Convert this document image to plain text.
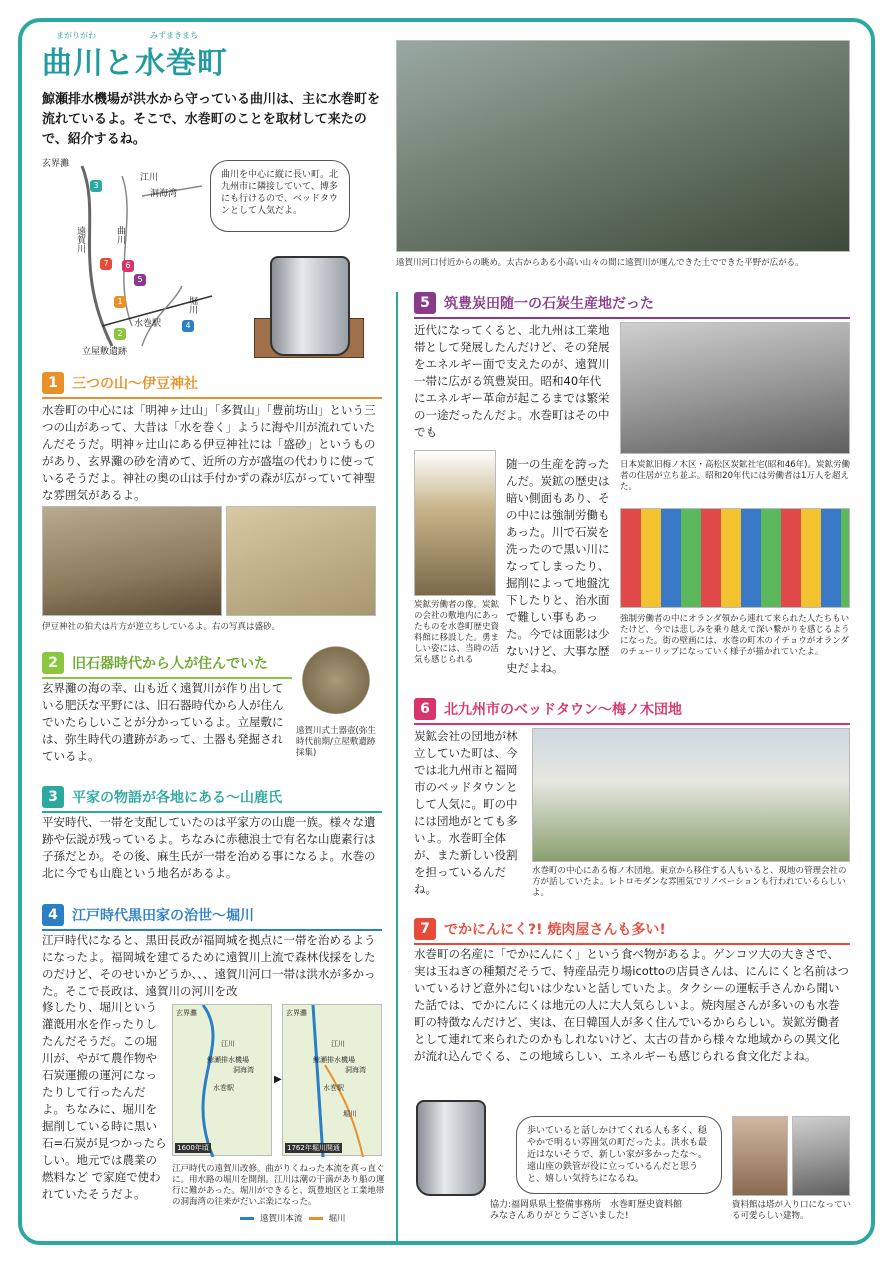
まがりがわ	みずまきまち
曲川と水巻町

鯨瀬排水機場が洪水から守っている曲川は、主に水巻町を流れているよ。そこで、水巻町のことを取材して来たので、紹介するね。

玄界灘
江川
洞海湾
遠賀川	曲川
堀川
水巻駅
立屋敷遺跡
3
7	6
5
1
2
4
曲川を中心に縦に長い町。北九州市に隣接していて、博多にも行けるので、ベッドタウンとして人気だよ。

遠賀川河口付近からの眺め。太古からある小高い山々の間に遠賀川が運んできた土でできた平野が広がる。

1	三つの山〜伊豆神社

水巻町の中心には「明神ヶ辻山」「多賀山」「豊前坊山」という三つの山があって、大昔は「水を巻く」ように海や川が流れていたんだそうだ。明神ヶ辻山にある伊豆神社には「盛砂」というものがあり、玄界灘の砂を清めて、近所の方が盛塩の代わりに使っているそうだよ。神社の奥の山は手付かずの森が広がっていて神聖な雰囲気があるよ。

伊豆神社の狛犬は片方が逆立ちしているよ。右の写真は盛砂。

2	旧石器時代から人が住んでいた

玄界灘の海の幸、山も近く遠賀川が作り出している肥沃な平野には、旧石器時代から人が住んでいたらしいことが分かっているよ。立屋敷には、弥生時代の遺跡があって、土器も発掘されているよ。

遠賀川式土器壺(弥生時代前期/立屋敷遺跡採集)

3	平家の物語が各地にある〜山鹿氏

平安時代、一帯を支配していたのは平家方の山鹿一族。様々な遺跡や伝説が残っているよ。ちなみに赤穂浪士で有名な山鹿素行は子孫だとか。その後、麻生氏が一帯を治める事になるよ。水巻の北に今でも山鹿という地名があるよ。

4	江戸時代黒田家の治世〜堀川

江戸時代になると、黒田長政が福岡城を拠点に一帯を治めるようになったよ。福岡城を建てるために遠賀川上流で森林伐採をしたのだけど、そのせいかどうか、、、遠賀川河口一帯は洪水が多かった。そこで長政は、遠賀川の河川を改

修したり、堀川という灌漑用水を作ったりしたんだそうだ。この堀川が、やがて農作物や石炭運搬の運河になったりして行ったんだよ。ちなみに、堀川を掘削している時に黒い石=石炭が見つかったらしい。地元では農業の燃料など で家庭で使われていたそうだよ。

玄界灘
江川
鯨瀬排水機場
洞海湾
水巻駅
1600年頃
▶
玄界灘
江川
鯨瀬排水機場
洞海湾
水巻駅
堀川
1762年堀川開通

江戸時代の遠賀川改修。曲がりくねった本流を真っ直ぐに。用水路の堀川を開削。江川は潮の干満があり船の運行に難があった。堀川ができると、筑豊地区と工業地帯の洞海湾の往来がだいぶ楽になった。

遠賀川本流	堀川
5	筑豊炭田随一の石炭生産地だった

近代になってくると、北九州は工業地帯として発展したんだけど、その発展をエネルギー面で支えたのが、遠賀川一帯に広がる筑豊炭田。昭和40年代にエネルギー革命が起こるまでは繁栄の一途だったんだよ。水巻町はその中でも

炭鉱労働者の像。炭鉱の会社の敷地内にあったものを水巻町歴史資料館に移設した。勇ましい姿には、当時の活気も感じられる

随一の生産を誇ったんだ。炭鉱の歴史は暗い側面もあり、その中には強制労働もあった。川で石炭を洗ったので黒い川になってしまったり、掘削によって地盤沈下したりと、治水面で難しい事もあった。今では面影は少ないけど、大事な歴史だよね。

日本炭鉱旧梅ノ木区・高松区炭鉱社宅(昭和46年)。炭鉱労働者の住居が立ち並ぶ。昭和20年代には労働者は1万人を超えた。

強制労働者の中にオランダ領から連れて来られた人たちもいたけど、今では悲しみを乗り越えて深い繋がりを感じるようになった。街の壁画には、水巻の町木のイチョウがオランダのチューリップになっていく様子が描かれていたよ。

6	北九州市のベッドタウン〜梅ノ木団地

炭鉱会社の団地が林立していた町は、今では北九州市と福岡市のベッドタウンとして人気に。町の中には団地がとても多いよ。水巻町全体が、また新しい役割を担っているんだね。

水巻町の中心にある梅ノ木団地。東京から移住する人もいると、現地の管理会社の方が話していたよ。レトロモダンな雰囲気でリノベーションも行われているらしいよ。

7	でかにんにく?! 焼肉屋さんも多い!

水巻町の名産に「でかにんにく」という食べ物があるよ。ゲンコツ大の大きさで、実は玉ねぎの種類だそうで、特産品売り場icottoの店員さんは、にんにくと名前はついているけど意外に匂いは少ないと話していたよ。タクシーの運転手さんから聞いた話では、でかにんにくは地元の人に大人気らしいよ。焼肉屋さんが多いのも水巻町の特徴なんだけど、実は、在日韓国人が多く住んでいるかららしい。炭鉱労働者として連れて来られたのかもしれないけど、太古の昔から様々な地域からの異文化が流れ込んでくる、この地域らしい、エネルギーも感じられる食文化だよね。

歩いていると話しかけてくれる人も多く、穏やかで明るい雰囲気の町だったよ。洪水も最近はないそうで、新しい家が多かったな〜。遠山座の鉄管が役に立っているんだと思うと、嬉しい気持ちになるね。

協力:福岡県県土整備事務所　水巻町歴史資料館
みなさんありがとうございました!

資料館は塔が入り口になっている可愛らしい建物。
